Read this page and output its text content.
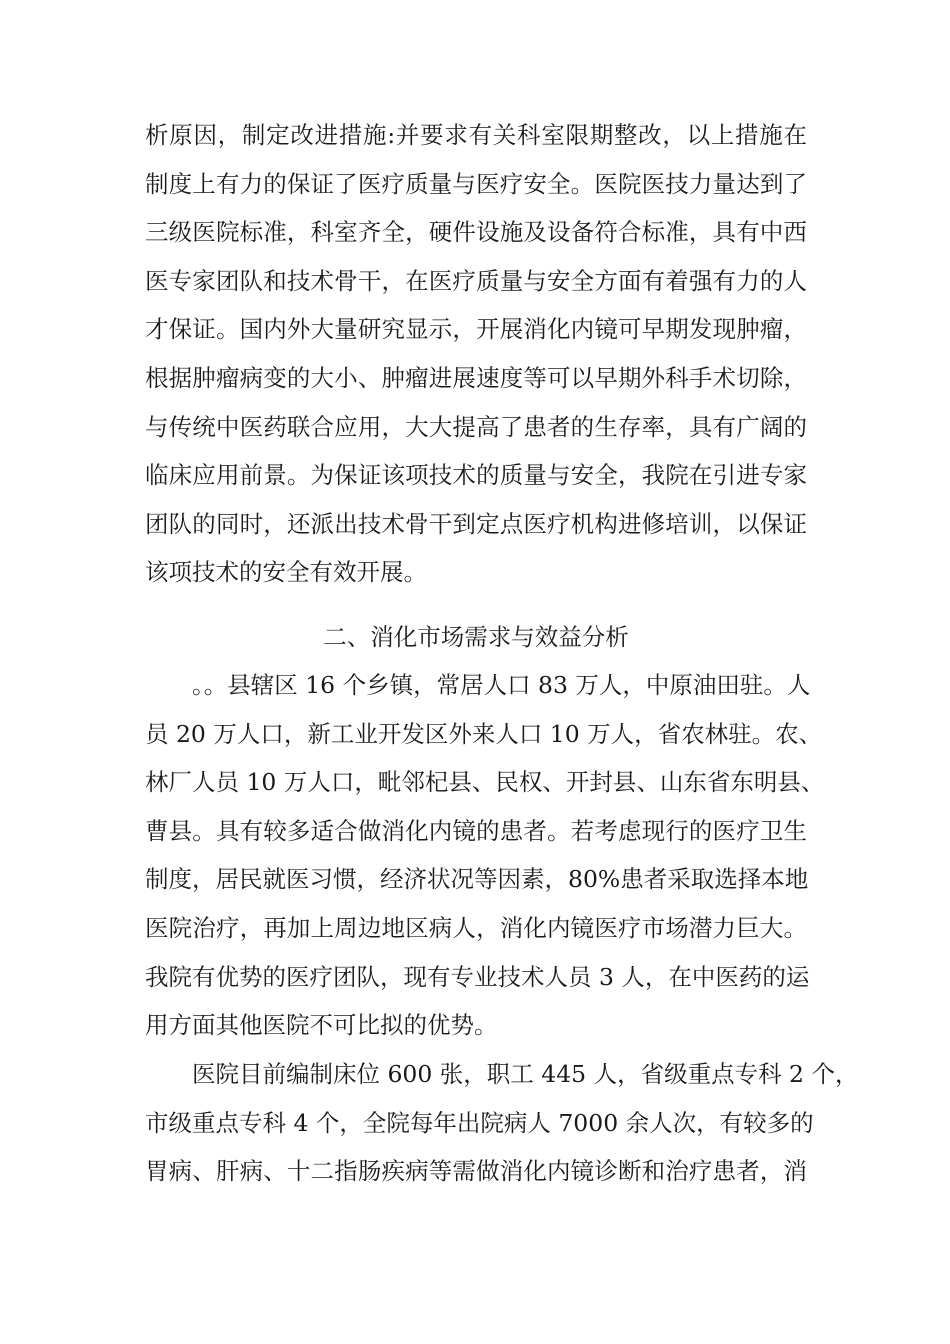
析原因，制定改进措施:并要求有关科室限期整改，以上措施在
制度上有力的保证了医疗质量与医疗安全。医院医技力量达到了
三级医院标准，科室齐全，硬件设施及设备符合标准，具有中西
医专家团队和技术骨干，在医疗质量与安全方面有着强有力的人
才保证。国内外大量研究显示，开展消化内镜可早期发现肿瘤，
根据肿瘤病变的大小、肿瘤进展速度等可以早期外科手术切除，
与传统中医药联合应用，大大提高了患者的生存率，具有广阔的
临床应用前景。为保证该项技术的质量与安全，我院在引进专家
团队的同时，还派出技术骨干到定点医疗机构进修培训，以保证
该项技术的安全有效开展。
二、消化市场需求与效益分析
　　。。县辖区 16 个乡镇，常居人口 83 万人，中原油田驻。人
员 20 万人口，新工业开发区外来人口 10 万人，省农林驻。农、
林厂人员 10 万人口，毗邻杞县、民权、开封县、山东省东明县、
曹县。具有较多适合做消化内镜的患者。若考虑现行的医疗卫生
制度，居民就医习惯，经济状况等因素，80%患者采取选择本地
医院治疗，再加上周边地区病人，消化内镜医疗市场潜力巨大。
我院有优势的医疗团队，现有专业技术人员 3 人，在中医药的运
用方面其他医院不可比拟的优势。
　　医院目前编制床位 600 张，职工 445 人，省级重点专科 2 个，
市级重点专科 4 个，全院每年出院病人 7000 余人次，有较多的
胃病、肝病、十二指肠疾病等需做消化内镜诊断和治疗患者，消
